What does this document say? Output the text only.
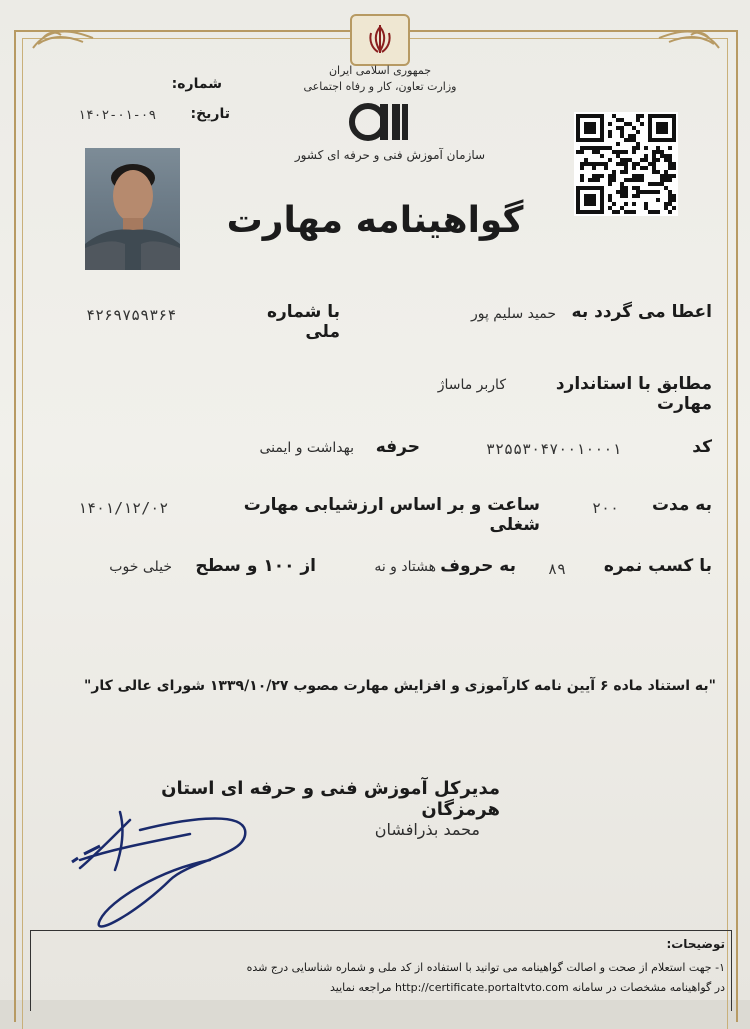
جمهوری اسلامی ایران
وزارت تعاون، کار و رفاه اجتماعی
سازمان آموزش فنی و حرفه ای کشور
شماره:
تاریخ:
۱۴۰۲-۰۱-۰۹
گواهینامه مهارت
اعطا می گردد به
حمید سلیم پور
با شماره ملی
۴۲۶۹۷۵۹۳۶۴
مطابق با استاندارد مهارت
کاربر ماساژ
کد
۳۲۵۵۳۰۴۷۰۰۱۰۰۰۱
حرفه
بهداشت و ایمنی
به مدت
۲۰۰
ساعت و بر اساس ارزشیابی مهارت شغلی
۱۴۰۱/۱۲/۰۲
با کسب نمره
۸۹
به حروف
هشتاد و نه
از ۱۰۰ و سطح
خیلی خوب
"به استناد ماده ۶ آیین نامه کارآموزی و افزایش مهارت مصوب ۱۳۳۹/۱۰/۲۷ شورای عالی کار"
مدیرکل آموزش فنی و حرفه ای استان هرمزگان
محمد بذرافشان
توضیحات:
۱- جهت استعلام از صحت و اصالت گواهینامه می توانید با استفاده از کد ملی و شماره شناسایی درج شده
در گواهینامه مشخصات در سامانه http://certificate.portaltvto.com مراجعه نمایید
